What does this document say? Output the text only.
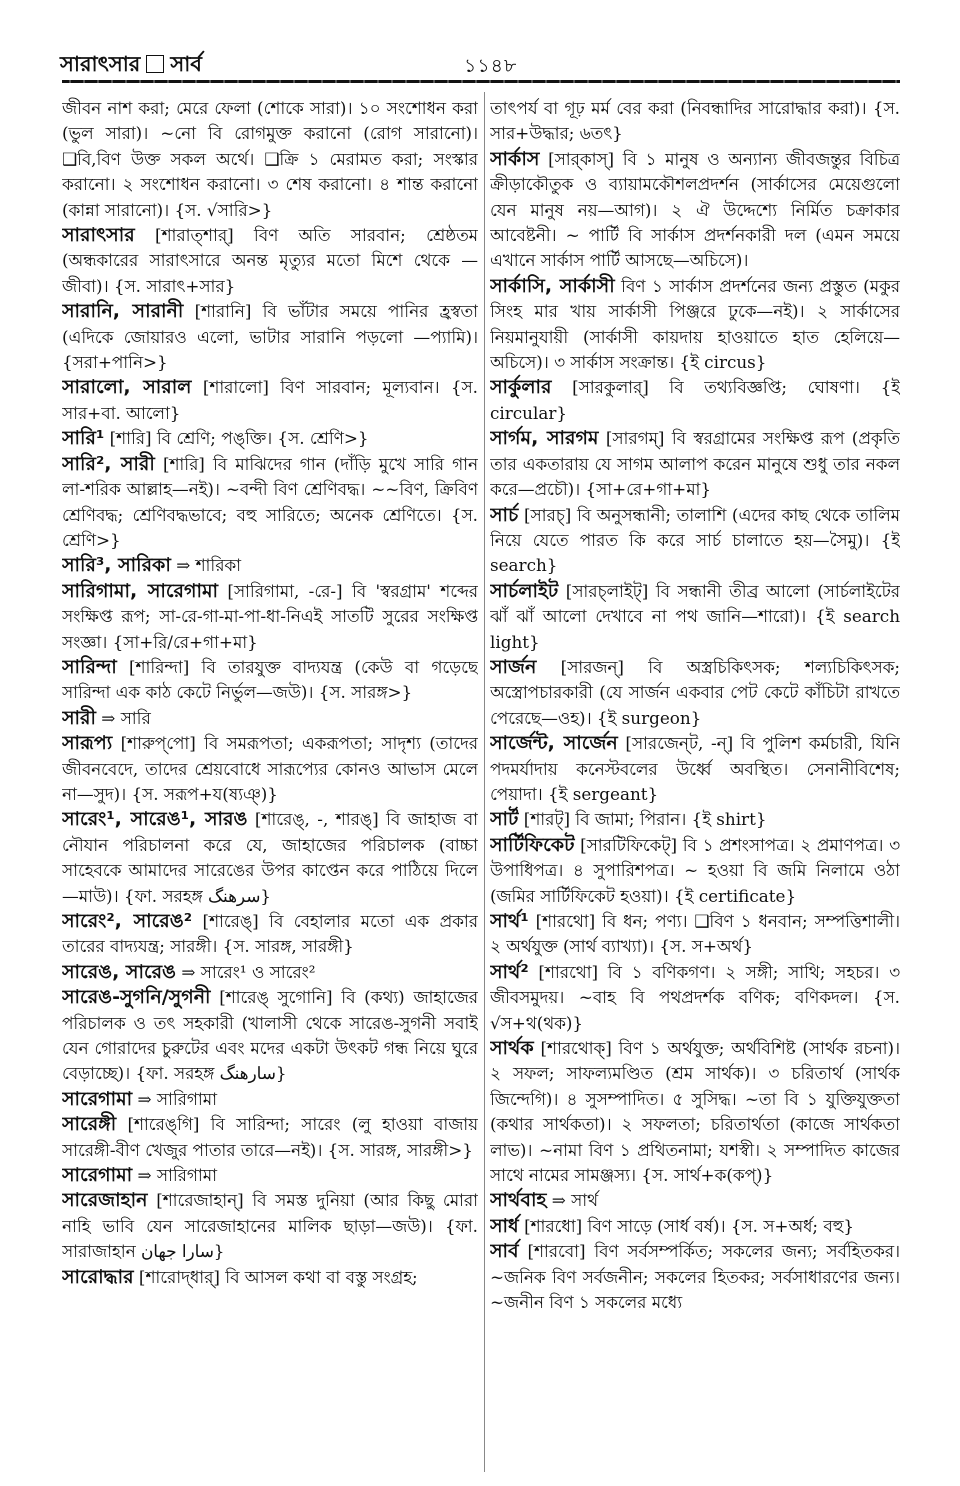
সারাৎসার সার্ব	১১৪৮

জীবন নাশ করা; মেরে ফেলা (শোকে সারা)। ১০ সংশোধন করা (ভুল সারা)। ~নো বি রোগমুক্ত করানো (রোগ সারানো)। ❑বি,বিণ উক্ত সকল অর্থে। ❑ক্রি ১ মেরামত করা; সংস্কার করানো। ২ সংশোধন করানো। ৩ শেষ করানো। ৪ শান্ত করানো (কান্না সারানো)। {স. √সারি>}

সারাৎসার [শারাত্‌শার্‌] বিণ অতি সারবান; শ্রেষ্ঠতম (অন্ধকারের সারাৎসারে অনন্ত মৃত্যুর মতো মিশে থেকে —জীবা)। {স. সারাৎ+সার}

সারানি, সারানী [শারানি] বি ভাঁটার সময়ে পানির হ্রস্বতা (এদিকে জোয়ারও এলো, ভাটার সারানি পড়লো —প্যামি)। {সরা+পানি>}

সারালো, সারাল [শারালো] বিণ সারবান; মূল্যবান। {স. সার+বা. আলো}

সারি¹ [শারি] বি শ্রেণি; পঙ্‌ক্তি। {স. শ্রেণি>}

সারি², সারী [শারি] বি মাঝিদের গান (দাঁড়ি মুখে সারি গান লা-শরিক আল্লাহ—নই)। ~বন্দী বিণ শ্রেণিবদ্ধ। ~~বিণ, ক্রিবিণ শ্রেণিবদ্ধ; শ্রেণিবদ্ধভাবে; বহু সারিতে; অনেক শ্রেণিতে। {স. শ্রেণি>}

সারি³, সারিকা ⇒ শারিকা

সারিগামা, সারেগামা [সারিগামা, -রে-] বি 'স্বরগ্রাম' শব্দের সংক্ষিপ্ত রূপ; সা-রে-গা-মা-পা-ধা-নিএই সাতটি সুরের সংক্ষিপ্ত সংজ্ঞা। {সা+রি/রে+গা+মা}

সারিন্দা [শারিন্দা] বি তারযুক্ত বাদ্যযন্ত্র (কেউ বা গড়েছে সারিন্দা এক কাঠ কেটে নির্ভুল—জউ)। {স. সারঙ্গ>}

সারী ⇒ সারি

সারূপ্য [শারুপ্‌পো] বি সমরূপতা; একরূপতা; সাদৃশ্য (তাদের জীবনবেদে, তাদের শ্রেয়বোধে সারূপ্যের কোনও আভাস মেলে না—সুদ)। {স. সরূপ+য(ষ্যঞ্)}

সারেং¹, সারেঙ¹, সারঙ [শারেঙ্‌, -, শারঙ্‌] বি জাহাজ বা নৌযান পরিচালনা করে যে, জাহাজের পরিচালক (বাচ্চা সাহেবকে আমাদের সারেঙের উপর কাপ্তেন করে পাঠিয়ে দিলে—মাউ)। {ফা. সরহঙ্গ سرهنگ}

সারেং², সারেঙ² [শারেঙ্‌] বি বেহালার মতো এক প্রকার তারের বাদ্যযন্ত্র; সারঙ্গী। {স. সারঙ্গ, সারঙ্গী}

সারেঙ, সারেঙ ⇒ সারেং¹ ও সারেং²

সারেঙ-সুগনি/সুগনী [শারেঙ্‌ সুগোনি] বি (কথ্য) জাহাজের পরিচালক ও তৎ সহকারী (খালাসী থেকে সারেঙ-সুগনী সবাই যেন গোরাদের চুরুটের এবং মদের একটা উৎকট গন্ধ নিয়ে ঘুরে বেড়াচ্ছে)। {ফা. সরহঙ্গ سارهنگ}

সারেগামা ⇒ সারিগামা

সারেঙ্গী [শারেঙ্‌গি] বি সারিন্দা; সারেং (লু হাওয়া বাজায় সারেঙ্গী-বীণ খেজুর পাতার তারে—নই)। {স. সারঙ্গ, সারঙ্গী>}

সারেগামা ⇒ সারিগামা

সারেজাহান [শারেজাহান্‌] বি সমস্ত দুনিয়া (আর কিছু মোরা নাহি ভাবি যেন সারেজাহানের মালিক ছাড়া—জউ)। {ফা. সারাজাহান سارا جهان}

সারোদ্ধার [শারোদ্‌ধার্‌] বি আসল কথা বা বস্তু সংগ্রহ;

তাৎপর্য বা গূঢ় মর্ম বের করা (নিবন্ধাদির সারোদ্ধার করা)। {স. সার+উদ্ধার; ৬তৎ}

সার্কাস [সার্‌কাস্‌] বি ১ মানুষ ও অন্যান্য জীবজন্তুর বিচিত্র ক্রীড়াকৌতুক ও ব্যায়ামকৌশলপ্রদর্শন (সার্কাসের মেয়েগুলো যেন মানুষ নয়—আগ)। ২ ঐ উদ্দেশ্যে নির্মিত চক্রাকার আবেষ্টনী। ~ পার্টি বি সার্কাস প্রদর্শনকারী দল (এমন সময়ে এখানে সার্কাস পার্টি আসছে—অচিসে)।

সার্কাসি, সার্কাসী বিণ ১ সার্কাস প্রদর্শনের জন্য প্রস্তুত (মকুর সিংহ মার খায় সার্কাসী পিঞ্জরে ঢুকে—নই)। ২ সার্কাসের নিয়মানুযায়ী (সার্কাসী কায়দায় হাওয়াতে হাত হেলিয়ে—অচিসে)। ৩ সার্কাস সংক্রান্ত। {ই circus}

সার্কুলার [সারকুলার্‌] বি তথ্যবিজ্ঞপ্তি; ঘোষণা। {ই circular}

সার্গম, সারগম [সারগম্‌] বি স্বরগ্রামের সংক্ষিপ্ত রূপ (প্রকৃতি তার একতারায় যে সাগম আলাপ করেন মানুষে শুধু তার নকল করে—প্রচৌ)। {সা+রে+গা+মা}

সার্চ [সারচ্‌] বি অনুসন্ধানী; তালাশি (এদের কাছ থেকে তালিম নিয়ে যেতে পারত কি করে সার্চ চালাতে হয়—সৈমু)। {ই search}

সার্চলাইট [সারচ্‌লাইট্‌] বি সন্ধানী তীব্র আলো (সার্চলাইটের ঝাঁ ঝাঁ আলো দেখাবে না পথ জানি—শারো)। {ই search light}

সার্জন [সারজন্‌] বি অস্ত্রচিকিৎসক; শল্যচিকিৎসক; অস্ত্রোপচারকারী (যে সার্জন একবার পেট কেটে কাঁচিটা রাখতে পেরেছে—ওহ)। {ই surgeon}

সার্জেন্ট, সার্জেন [সারজেন্‌ট, -ন্‌] বি পুলিশ কর্মচারী, যিনি পদমর্যাদায় কনেস্টবলের উর্ধ্বে অবস্থিত। সেনানীবিশেষ; পেয়াদা। {ই sergeant}

সার্ট [শারট্‌] বি জামা; পিরান। {ই shirt}

সার্টিফিকেট [সারটিফিকেট্‌] বি ১ প্রশংসাপত্র। ২ প্রমাণপত্র। ৩ উপাধিপত্র। ৪ সুপারিশপত্র। ~ হওয়া বি জমি নিলামে ওঠা (জমির সার্টিফিকেট হওয়া)। {ই certificate}

সার্থ¹ [শারথো] বি ধন; পণ্য। ❑বিণ ১ ধনবান; সম্পত্তিশালী। ২ অর্থযুক্ত (সার্থ ব্যাখ্যা)। {স. স+অর্থ}

সার্থ² [শারথো] বি ১ বণিকগণ। ২ সঙ্গী; সাথি; সহচর। ৩ জীবসমুদয়। ~বাহ বি পথপ্রদর্শক বণিক; বণিকদল। {স. √স+থ(থক)}

সার্থক [শারথোক্‌] বিণ ১ অর্থযুক্ত; অর্থবিশিষ্ট (সার্থক রচনা)। ২ সফল; সাফল্যমণ্ডিত (শ্রম সার্থক)। ৩ চরিতার্থ (সার্থক জিন্দেগি)। ৪ সুসম্পাদিত। ৫ সুসিদ্ধ। ~তা বি ১ যুক্তিযুক্ততা (কথার সার্থকতা)। ২ সফলতা; চরিতার্থতা (কাজে সার্থকতা লাভ)। ~নামা বিণ ১ প্রথিতনামা; যশস্বী। ২ সম্পাদিত কাজের সাথে নামের সামঞ্জস্য। {স. সার্থ+ক(কপ্‌)}

সার্থবাহ ⇒ সার্থ

সার্ধ [শারধো] বিণ সাড়ে (সার্ধ বর্ষ)। {স. স+অর্ধ; বহু}

সার্ব [শারবো] বিণ সর্বসম্পর্কিত; সকলের জন্য; সর্বহিতকর। ~জনিক বিণ সর্বজনীন; সকলের হিতকর; সর্বসাধারণের জন্য। ~জনীন বিণ ১ সকলের মধ্যে
